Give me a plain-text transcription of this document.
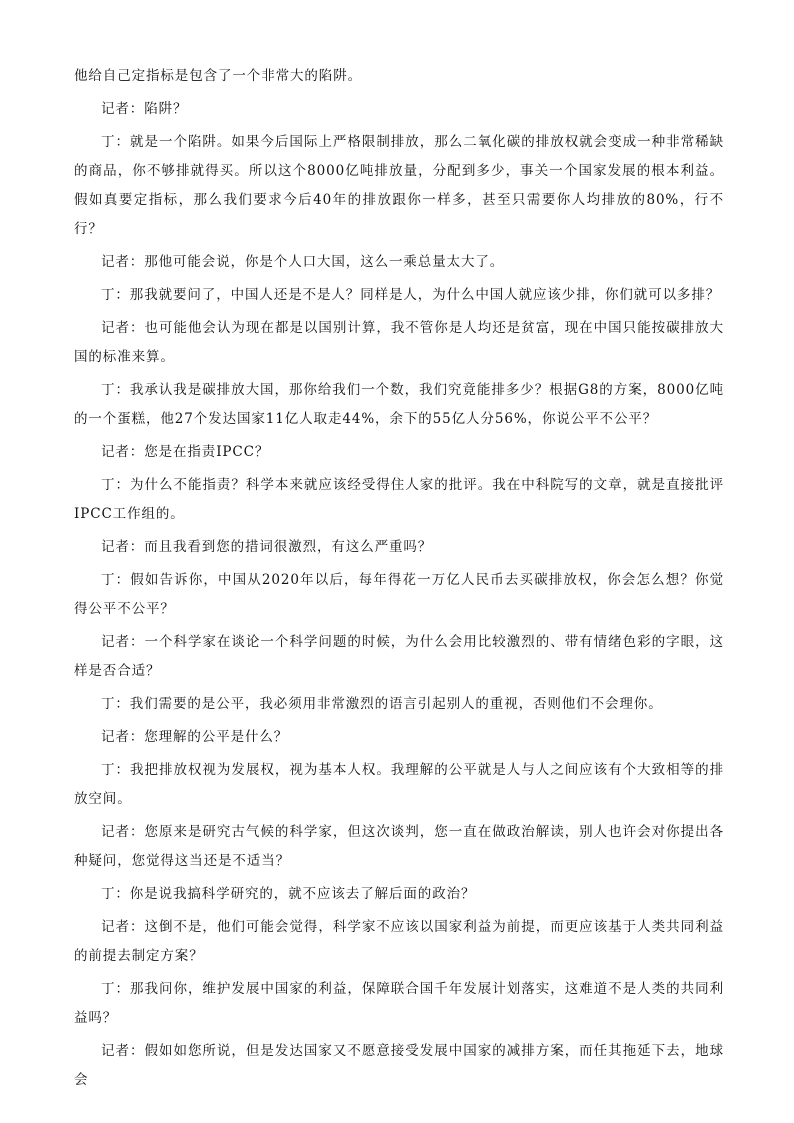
他给自己定指标是包含了一个非常大的陷阱。

记者：陷阱？

丁：就是一个陷阱。如果今后国际上严格限制排放，那么二氧化碳的排放权就会变成一种非常稀缺的商品，你不够排就得买。所以这个8000亿吨排放量，分配到多少，事关一个国家发展的根本利益。假如真要定指标，那么我们要求今后40年的排放跟你一样多，甚至只需要你人均排放的80%，行不行？

记者：那他可能会说，你是个人口大国，这么一乘总量太大了。

丁：那我就要问了，中国人还是不是人？同样是人，为什么中国人就应该少排，你们就可以多排？

记者：也可能他会认为现在都是以国别计算，我不管你是人均还是贫富，现在中国只能按碳排放大国的标准来算。

丁：我承认我是碳排放大国，那你给我们一个数，我们究竟能排多少？根据G8的方案，8000亿吨的一个蛋糕，他27个发达国家11亿人取走44%，余下的55亿人分56%，你说公平不公平？

记者：您是在指责IPCC？

丁：为什么不能指责？科学本来就应该经受得住人家的批评。我在中科院写的文章，就是直接批评IPCC工作组的。

记者：而且我看到您的措词很激烈，有这么严重吗？

丁：假如告诉你，中国从2020年以后，每年得花一万亿人民币去买碳排放权，你会怎么想？你觉得公平不公平？

记者：一个科学家在谈论一个科学问题的时候，为什么会用比较激烈的、带有情绪色彩的字眼，这样是否合适？

丁：我们需要的是公平，我必须用非常激烈的语言引起别人的重视，否则他们不会理你。

记者：您理解的公平是什么？

丁：我把排放权视为发展权，视为基本人权。我理解的公平就是人与人之间应该有个大致相等的排放空间。

记者：您原来是研究古气候的科学家，但这次谈判，您一直在做政治解读，别人也许会对你提出各种疑问，您觉得这当还是不适当？

丁：你是说我搞科学研究的，就不应该去了解后面的政治？

记者：这倒不是，他们可能会觉得，科学家不应该以国家利益为前提，而更应该基于人类共同利益的前提去制定方案？

丁：那我问你，维护发展中国家的利益，保障联合国千年发展计划落实，这难道不是人类的共同利益吗？

记者：假如如您所说，但是发达国家又不愿意接受发展中国家的减排方案，而任其拖延下去，地球会
